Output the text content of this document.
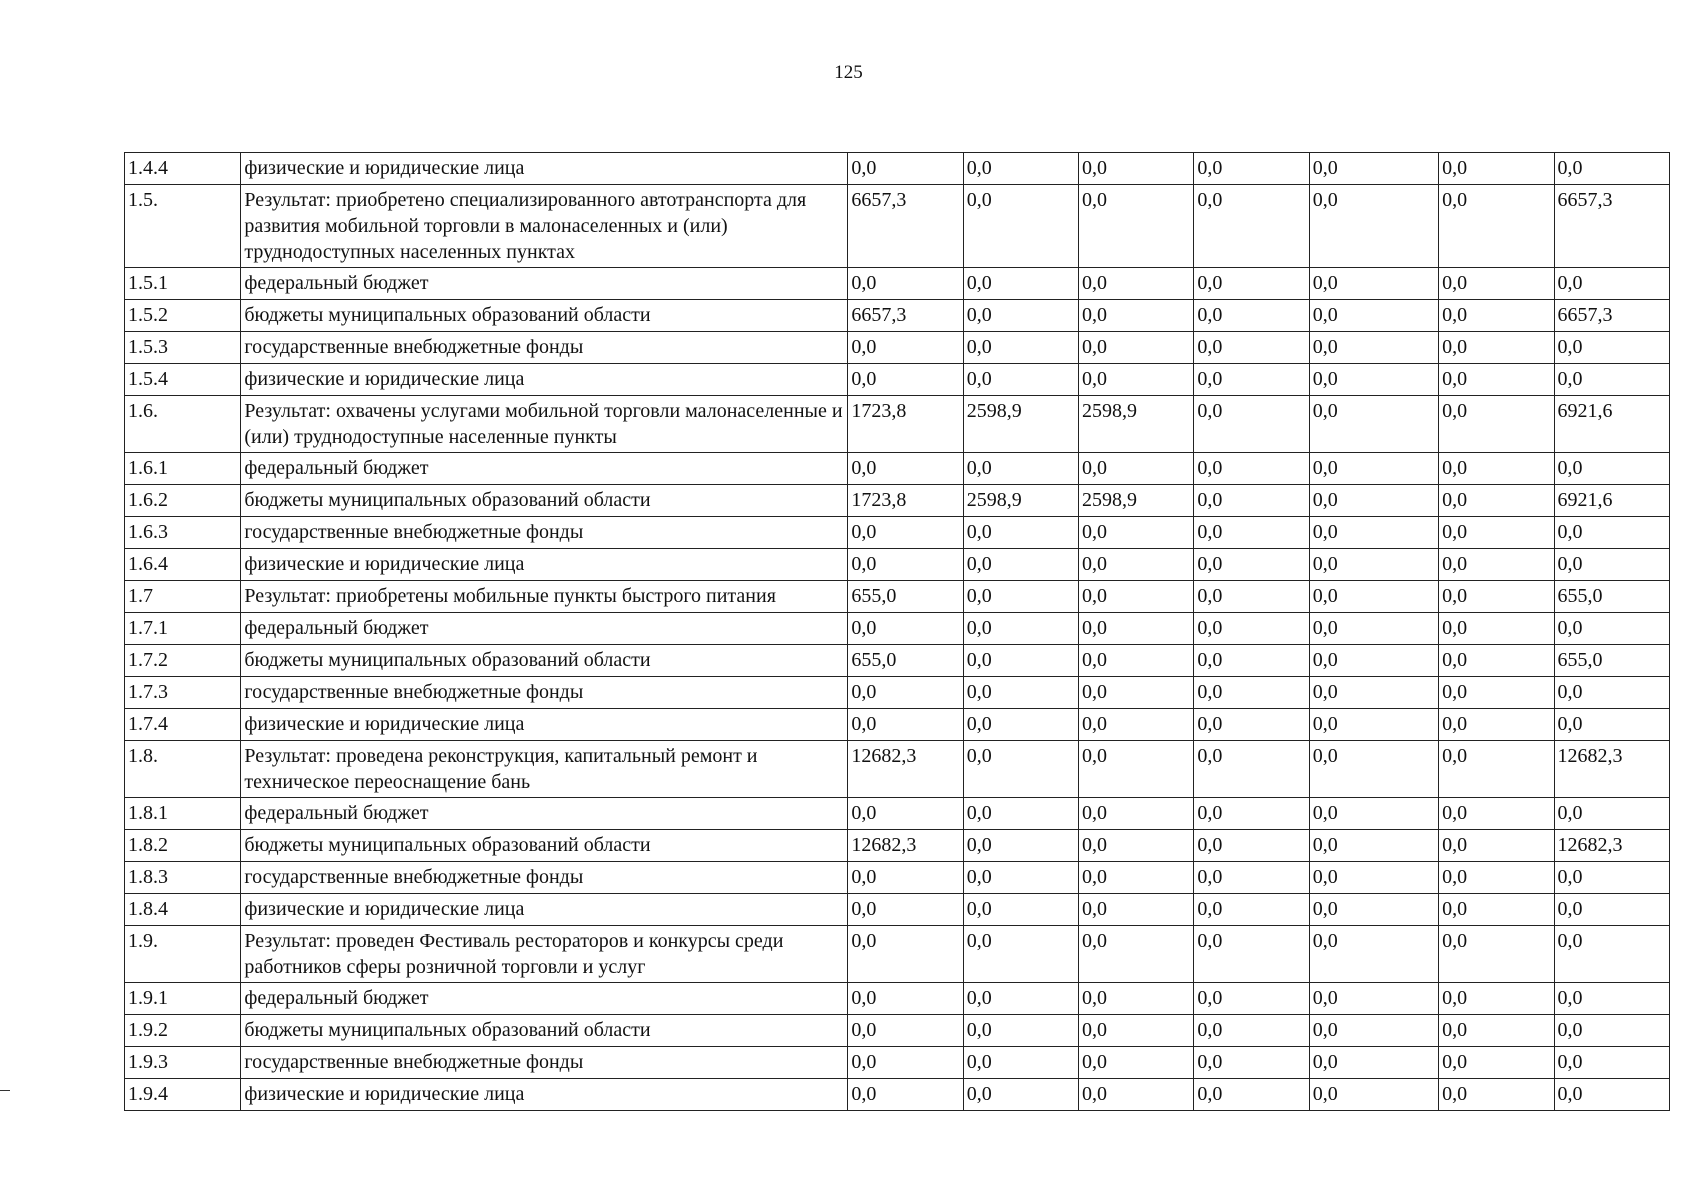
125
1.4.4	физические и юридические лица	0,0	0,0	0,0	0,0	0,0	0,0	0,0
1.5.	Результат: приобретено специализированного автотранспорта для развития мобильной торговли в малонаселенных и (или) труднодоступных населенных пунктах	6657,3	0,0	0,0	0,0	0,0	0,0	6657,3
1.5.1	федеральный бюджет	0,0	0,0	0,0	0,0	0,0	0,0	0,0
1.5.2	бюджеты муниципальных образований области	6657,3	0,0	0,0	0,0	0,0	0,0	6657,3
1.5.3	государственные внебюджетные фонды	0,0	0,0	0,0	0,0	0,0	0,0	0,0
1.5.4	физические и юридические лица	0,0	0,0	0,0	0,0	0,0	0,0	0,0
1.6.	Результат: охвачены услугами мобильной торговли малонаселенные и (или) труднодоступные населенные пункты	1723,8	2598,9	2598,9	0,0	0,0	0,0	6921,6
1.6.1	федеральный бюджет	0,0	0,0	0,0	0,0	0,0	0,0	0,0
1.6.2	бюджеты муниципальных образований области	1723,8	2598,9	2598,9	0,0	0,0	0,0	6921,6
1.6.3	государственные внебюджетные фонды	0,0	0,0	0,0	0,0	0,0	0,0	0,0
1.6.4	физические и юридические лица	0,0	0,0	0,0	0,0	0,0	0,0	0,0
1.7	Результат: приобретены мобильные пункты быстрого питания	655,0	0,0	0,0	0,0	0,0	0,0	655,0
1.7.1	федеральный бюджет	0,0	0,0	0,0	0,0	0,0	0,0	0,0
1.7.2	бюджеты муниципальных образований области	655,0	0,0	0,0	0,0	0,0	0,0	655,0
1.7.3	государственные внебюджетные фонды	0,0	0,0	0,0	0,0	0,0	0,0	0,0
1.7.4	физические и юридические лица	0,0	0,0	0,0	0,0	0,0	0,0	0,0
1.8.	Результат: проведена реконструкция, капитальный ремонт и техническое переоснащение бань	12682,3	0,0	0,0	0,0	0,0	0,0	12682,3
1.8.1	федеральный бюджет	0,0	0,0	0,0	0,0	0,0	0,0	0,0
1.8.2	бюджеты муниципальных образований области	12682,3	0,0	0,0	0,0	0,0	0,0	12682,3
1.8.3	государственные внебюджетные фонды	0,0	0,0	0,0	0,0	0,0	0,0	0,0
1.8.4	физические и юридические лица	0,0	0,0	0,0	0,0	0,0	0,0	0,0
1.9.	Результат: проведен Фестиваль рестораторов и конкурсы среди работников сферы розничной торговли и услуг	0,0	0,0	0,0	0,0	0,0	0,0	0,0
1.9.1	федеральный бюджет	0,0	0,0	0,0	0,0	0,0	0,0	0,0
1.9.2	бюджеты муниципальных образований области	0,0	0,0	0,0	0,0	0,0	0,0	0,0
1.9.3	государственные внебюджетные фонды	0,0	0,0	0,0	0,0	0,0	0,0	0,0
1.9.4	физические и юридические лица	0,0	0,0	0,0	0,0	0,0	0,0	0,0
